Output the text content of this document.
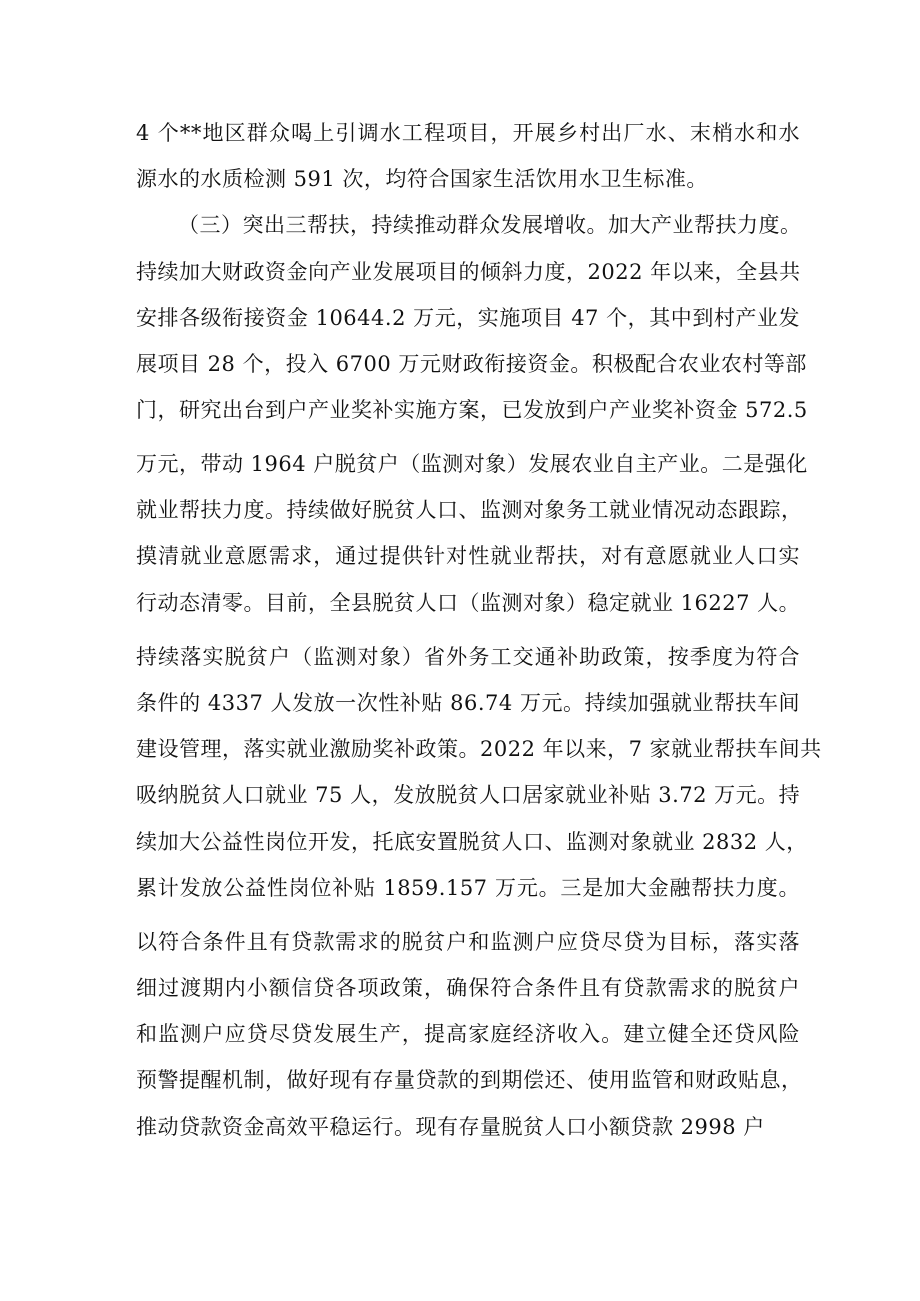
4 个**地区群众喝上引调水工程项目，开展乡村出厂水、末梢水和水
源水的水质检测 591 次，均符合国家生活饮用水卫生标准。
（三）突出三帮扶，持续推动群众发展增收。加大产业帮扶力度。
持续加大财政资金向产业发展项目的倾斜力度，2022 年以来，全县共
安排各级衔接资金 10644.2 万元，实施项目 47 个，其中到村产业发
展项目 28 个，投入 6700 万元财政衔接资金。积极配合农业农村等部
门，研究出台到户产业奖补实施方案，已发放到户产业奖补资金 572.5
万元，带动 1964 户脱贫户（监测对象）发展农业自主产业。二是强化
就业帮扶力度。持续做好脱贫人口、监测对象务工就业情况动态跟踪，
摸清就业意愿需求，通过提供针对性就业帮扶，对有意愿就业人口实
行动态清零。目前，全县脱贫人口（监测对象）稳定就业 16227 人。
持续落实脱贫户（监测对象）省外务工交通补助政策，按季度为符合
条件的 4337 人发放一次性补贴 86.74 万元。持续加强就业帮扶车间
建设管理，落实就业激励奖补政策。2022 年以来，7 家就业帮扶车间共
吸纳脱贫人口就业 75 人，发放脱贫人口居家就业补贴 3.72 万元。持
续加大公益性岗位开发，托底安置脱贫人口、监测对象就业 2832 人，
累计发放公益性岗位补贴 1859.157 万元。三是加大金融帮扶力度。
以符合条件且有贷款需求的脱贫户和监测户应贷尽贷为目标，落实落
细过渡期内小额信贷各项政策，确保符合条件且有贷款需求的脱贫户
和监测户应贷尽贷发展生产，提高家庭经济收入。建立健全还贷风险
预警提醒机制，做好现有存量贷款的到期偿还、使用监管和财政贴息，
推动贷款资金高效平稳运行。现有存量脱贫人口小额贷款 2998 户
